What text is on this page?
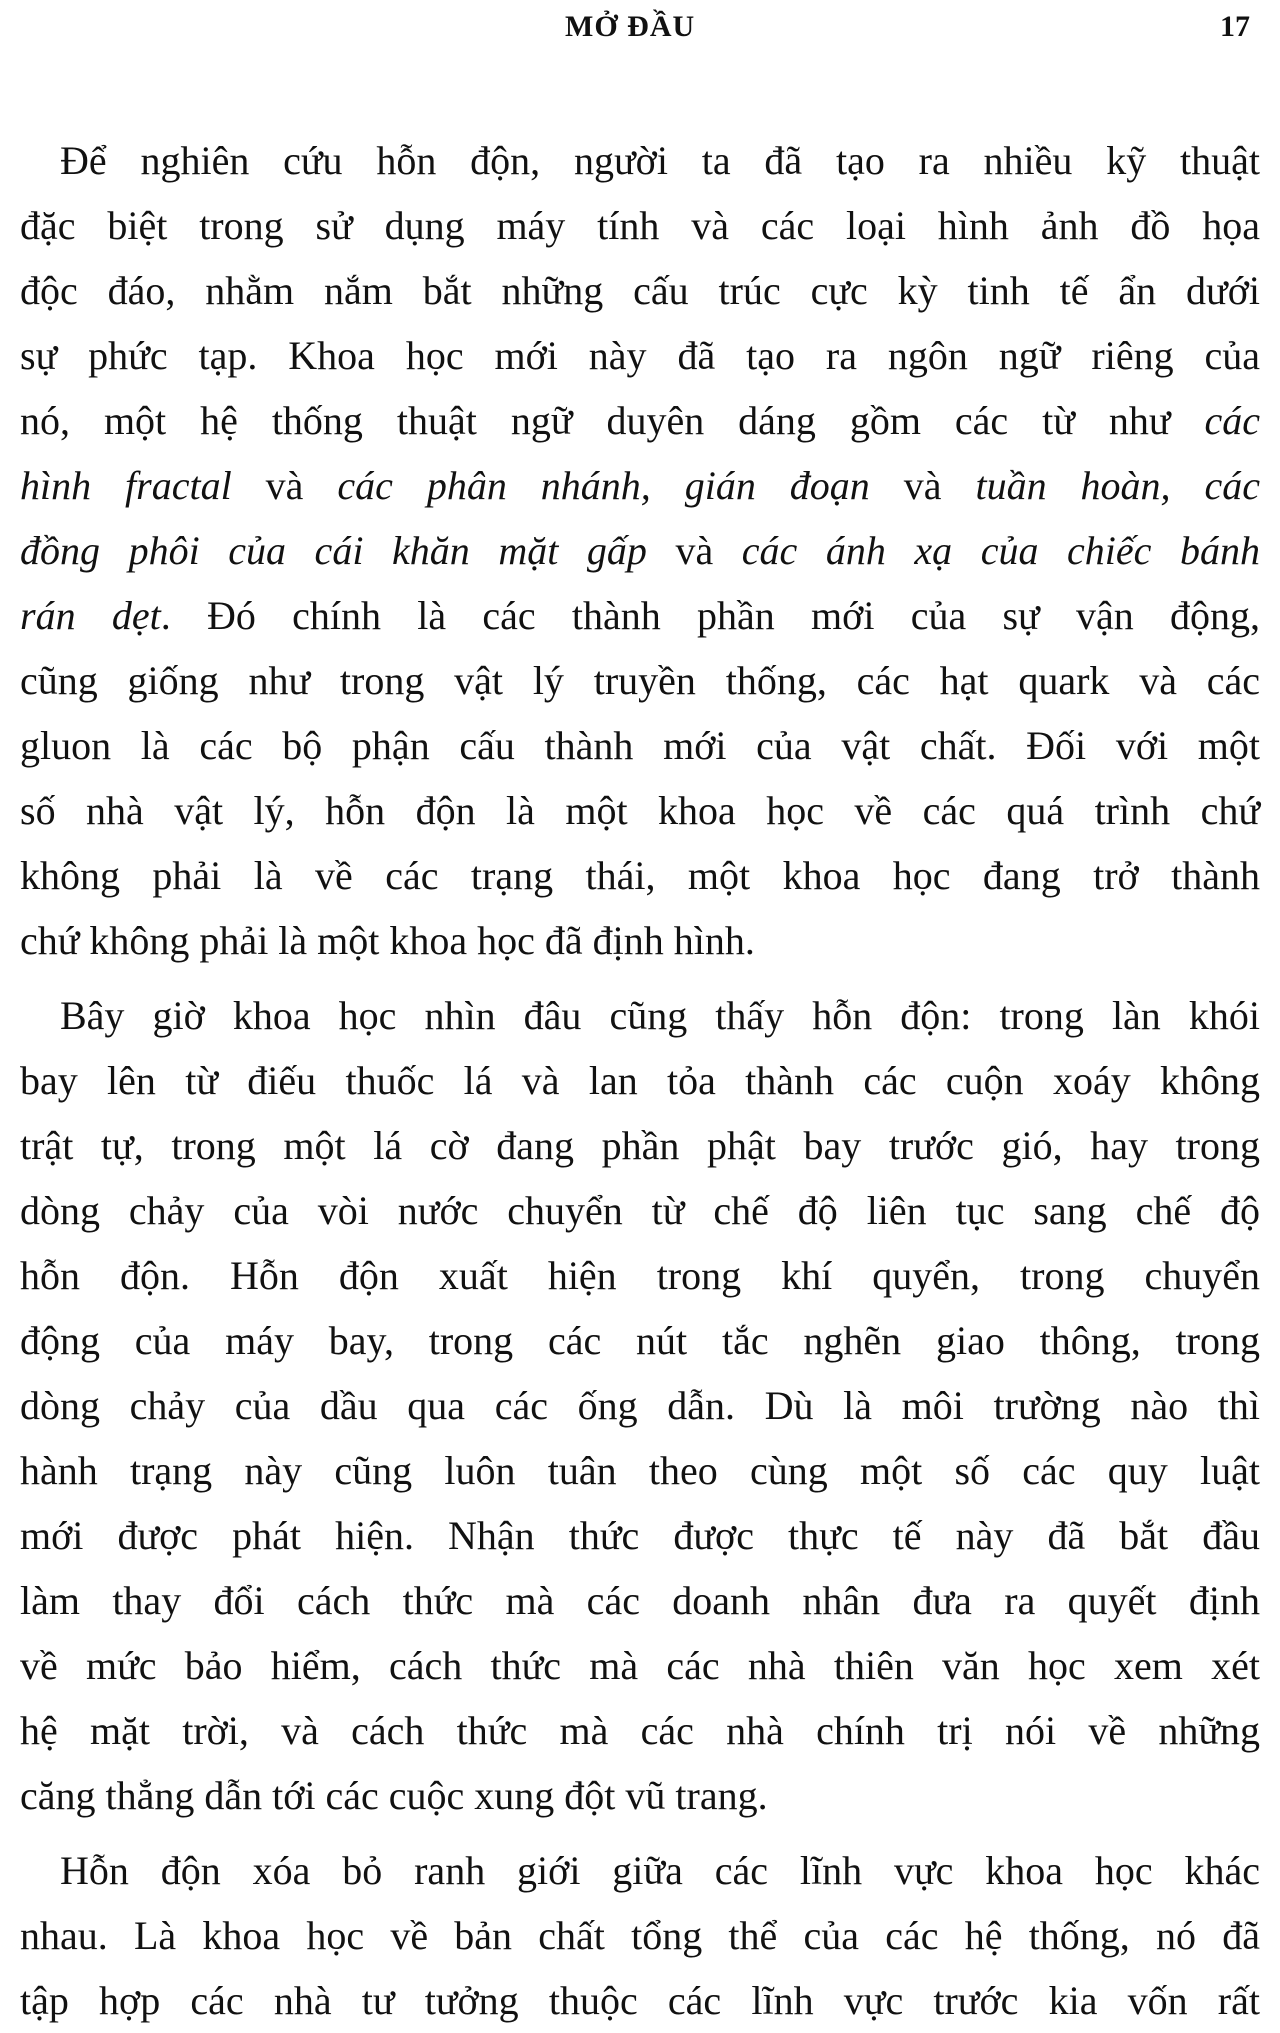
MỞ ĐẦU	17
Để nghiên cứu hỗn độn, người ta đã tạo ra nhiều kỹ thuật
đặc biệt trong sử dụng máy tính và các loại hình ảnh đồ họa
độc đáo, nhằm nắm bắt những cấu trúc cực kỳ tinh tế ẩn dưới
sự phức tạp. Khoa học mới này đã tạo ra ngôn ngữ riêng của
nó, một hệ thống thuật ngữ duyên dáng gồm các từ như các
hình fractal và các phân nhánh, gián đoạn và tuần hoàn, các
đồng phôi của cái khăn mặt gấp và các ánh xạ của chiếc bánh
rán dẹt. Đó chính là các thành phần mới của sự vận động,
cũng giống như trong vật lý truyền thống, các hạt quark và các
gluon là các bộ phận cấu thành mới của vật chất. Đối với một
số nhà vật lý, hỗn độn là một khoa học về các quá trình chứ
không phải là về các trạng thái, một khoa học đang trở thành
chứ không phải là một khoa học đã định hình.
Bây giờ khoa học nhìn đâu cũng thấy hỗn độn: trong làn khói
bay lên từ điếu thuốc lá và lan tỏa thành các cuộn xoáy không
trật tự, trong một lá cờ đang phần phật bay trước gió, hay trong
dòng chảy của vòi nước chuyển từ chế độ liên tục sang chế độ
hỗn độn. Hỗn độn xuất hiện trong khí quyển, trong chuyển
động của máy bay, trong các nút tắc nghẽn giao thông, trong
dòng chảy của dầu qua các ống dẫn. Dù là môi trường nào thì
hành trạng này cũng luôn tuân theo cùng một số các quy luật
mới được phát hiện. Nhận thức được thực tế này đã bắt đầu
làm thay đổi cách thức mà các doanh nhân đưa ra quyết định
về mức bảo hiểm, cách thức mà các nhà thiên văn học xem xét
hệ mặt trời, và cách thức mà các nhà chính trị nói về những
căng thẳng dẫn tới các cuộc xung đột vũ trang.
Hỗn độn xóa bỏ ranh giới giữa các lĩnh vực khoa học khác
nhau. Là khoa học về bản chất tổng thể của các hệ thống, nó đã
tập hợp các nhà tư tưởng thuộc các lĩnh vực trước kia vốn rất
